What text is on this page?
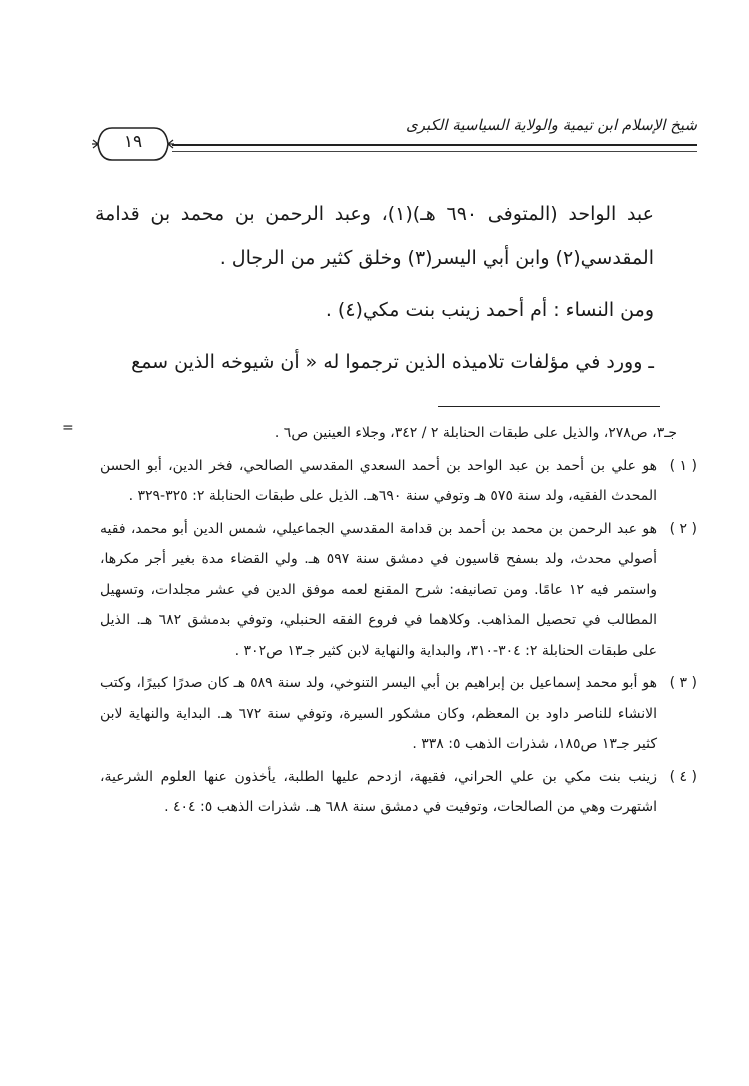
شيخ الإسلام ابن تيمية والولاية السياسية الكبرى
١٩

عبد الواحد (المتوفى ٦٩٠ هـ)(١)، وعبد الرحمن بن محمد بن قدامة المقدسي(٢) وابن أبي اليسر(٣) وخلق كثير من الرجال .

ومن النساء : أم أحمد زينب بنت مكي(٤) .

ـ وورد في مؤلفات تلاميذه الذين ترجموا له « أن شيوخه الذين سمع

=	جـ٣، ص٢٧٨، والذيل على طبقات الحنابلة ٢ / ٣٤٢، وجلاء العينين ص٦ .
( ١ )
هو علي بن أحمد بن عبد الواحد بن أحمد السعدي المقدسي الصالحي، فخر الدين، أبو الحسن المحدث الفقيه، ولد سنة ٥٧٥ هـ وتوفي سنة ٦٩٠هـ. الذيل على طبقات الحنابلة ٢: ٣٢٥-٣٢٩ .
( ٢ )
هو عبد الرحمن بن محمد بن أحمد بن قدامة المقدسي الجماعيلي، شمس الدين أبو محمد، فقيه أصولي محدث، ولد بسفح قاسيون في دمشق سنة ٥٩٧ هـ. ولي القضاء مدة بغير أجر مكرها، واستمر فيه ١٢ عامًا. ومن تصانيفه: شرح المقنع لعمه موفق الدين في عشر مجلدات، وتسهيل المطالب في تحصيل المذاهب. وكلاهما في فروع الفقه الحنبلي، وتوفي بدمشق ٦٨٢ هـ. الذيل على طبقات الحنابلة ٢: ٣٠٤-٣١٠، والبداية والنهاية لابن كثير جـ١٣ ص٣٠٢ .
( ٣ )
هو أبو محمد إسماعيل بن إبراهيم بن أبي اليسر التنوخي، ولد سنة ٥٨٩ هـ كان صدرًا كبيرًا، وكتب الانشاء للناصر داود بن المعظم، وكان مشكور السيرة، وتوفي سنة ٦٧٢ هـ. البداية والنهاية لابن كثير جـ١٣ ص١٨٥، شذرات الذهب ٥: ٣٣٨ .
( ٤ )
زينب بنت مكي بن علي الحراني، فقيهة، ازدحم عليها الطلبة، يأخذون عنها العلوم الشرعية، اشتهرت وهي من الصالحات، وتوفيت في دمشق سنة ٦٨٨ هـ. شذرات الذهب ٥: ٤٠٤ .
